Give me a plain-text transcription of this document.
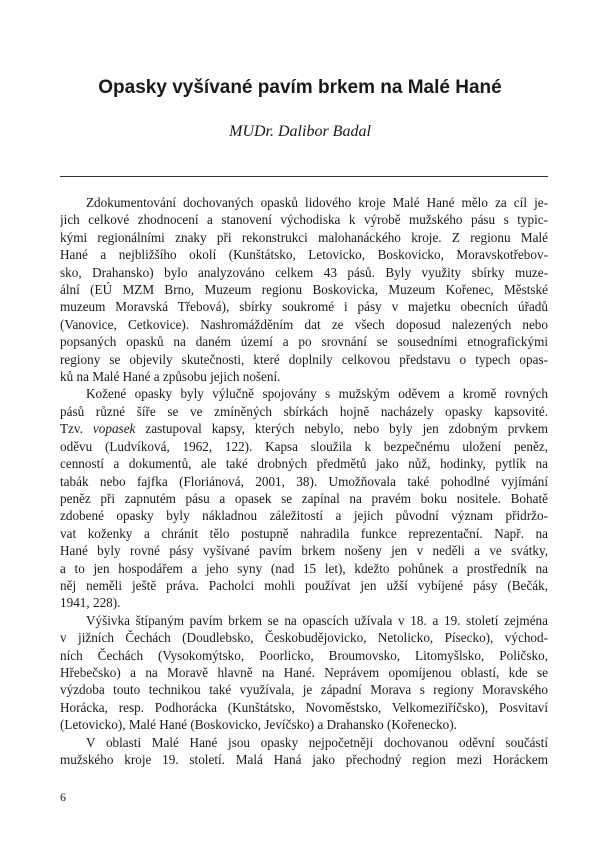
Opasky vyšívané pavím brkem na Malé Hané
MUDr. Dalibor Badal
Zdokumentování dochovaných opasků lidového kroje Malé Hané mělo za cíl je-
jich celkové zhodnocení a stanovení východiska k výrobě mužského pásu s typic-
kými regionálními znaky při rekonstrukci malohanáckého kroje. Z regionu Malé
Hané a nejbližšího okolí (Kunštátsko, Letovicko, Boskovicko, Moravskotřebov-
sko, Drahansko) bylo analyzováno celkem 43 pásů. Byly využity sbírky muze-
ální (EÚ MZM Brno, Muzeum regionu Boskovicka, Muzeum Kořenec, Městské
muzeum Moravská Třebová), sbírky soukromé i pásy v majetku obecních úřadů
(Vanovice, Cetkovice). Nashromážděním dat ze všech doposud nalezených nebo
popsaných opasků na daném území a po srovnání se sousedními etnografickými
regiony se objevily skutečnosti, které doplnily celkovou představu o typech opas-
ků na Malé Hané a způsobu jejich nošení.
Kožené opasky byly výlučně spojovány s mužským oděvem a kromě rovných
pásů různé šíře se ve zmíněných sbírkách hojně nacházely opasky kapsovité.
Tzv. vopasek zastupoval kapsy, kterých nebylo, nebo byly jen zdobným prvkem
oděvu (Ludvíková, 1962, 122). Kapsa sloužila k bezpečnému uložení peněz,
cenností a dokumentů, ale také drobných předmětů jako nůž, hodinky, pytlík na
tabák nebo fajfka (Floriánová, 2001, 38). Umožňovala také pohodlné vyjímání
peněz při zapnutém pásu a opasek se zapínal na pravém boku nositele. Bohatě
zdobené opasky byly nákladnou záležitostí a jejich původní význam přidržo-
vat koženky a chránit tělo postupně nahradila funkce reprezentační. Např. na
Hané byly rovné pásy vyšívané pavím brkem nošeny jen v neděli a ve svátky,
a to jen hospodářem a jeho syny (nad 15 let), kdežto pohůnek a prostředník na
něj neměli ještě práva. Pacholci mohli používat jen užší vybíjené pásy (Bečák,
1941, 228).
Výšivka štípaným pavím brkem se na opascích užívala v 18. a 19. století zejména
v jižních Čechách (Doudlebsko, Českobudějovicko, Netolicko, Písecko), východ-
ních Čechách (Vysokomýtsko, Poorlicko, Broumovsko, Litomyšlsko, Poličsko,
Hřebečsko) a na Moravě hlavně na Hané. Neprávem opomíjenou oblastí, kde se
výzdoba touto technikou také využívala, je západní Morava s regiony Moravského
Horácka, resp. Podhorácka (Kunštátsko, Novoměstsko, Velkomeziříčsko), Posvitaví
(Letovicko), Malé Hané (Boskovicko, Jevíčsko) a Drahansko (Kořenecko).
V oblasti Malé Hané jsou opasky nejpočetněji dochovanou oděvní součástí
mužského kroje 19. století. Malá Haná jako přechodný region mezi Horáckem
6
